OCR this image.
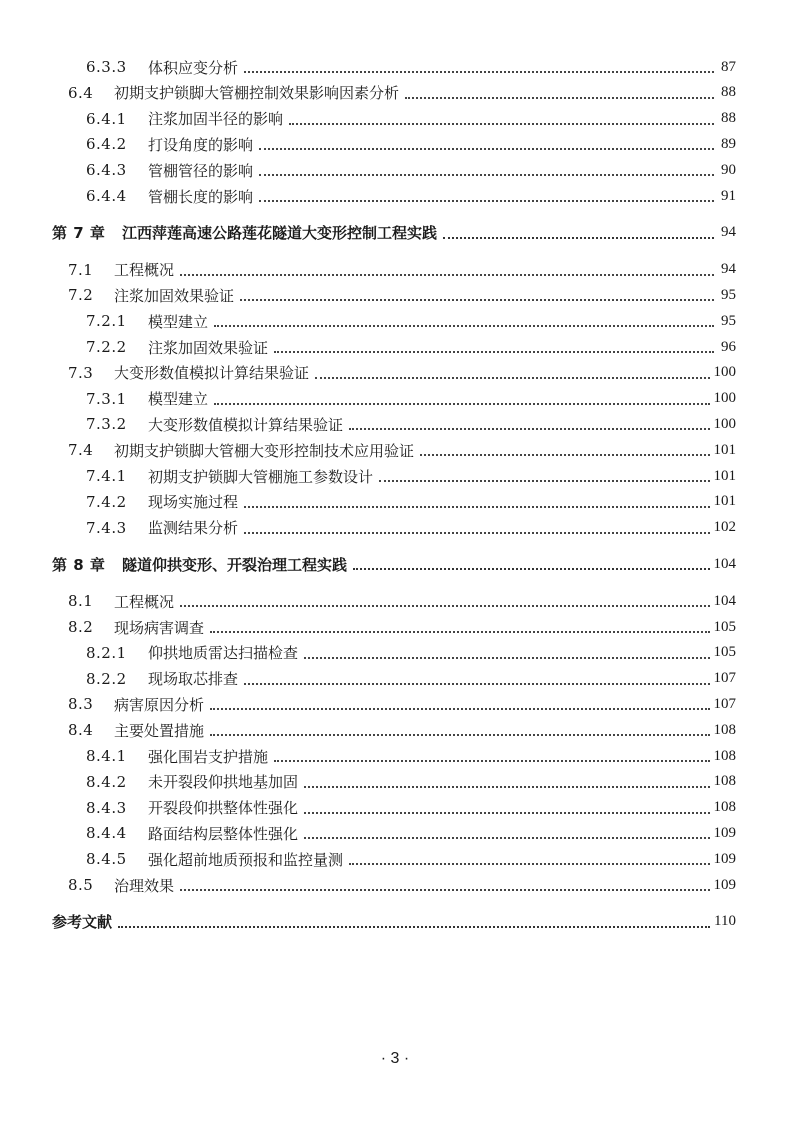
6.3.3	体积应变分析	87
6.4	初期支护锁脚大管棚控制效果影响因素分析	88
6.4.1	注浆加固半径的影响	88
6.4.2	打设角度的影响	89
6.4.3	管棚管径的影响	90
6.4.4	管棚长度的影响	91
第 7 章	江西萍莲高速公路莲花隧道大变形控制工程实践	94
7.1	工程概况	94
7.2	注浆加固效果验证	95
7.2.1	模型建立	95
7.2.2	注浆加固效果验证	96
7.3	大变形数值模拟计算结果验证	100
7.3.1	模型建立	100
7.3.2	大变形数值模拟计算结果验证	100
7.4	初期支护锁脚大管棚大变形控制技术应用验证	101
7.4.1	初期支护锁脚大管棚施工参数设计	101
7.4.2	现场实施过程	101
7.4.3	监测结果分析	102
第 8 章	隧道仰拱变形、开裂治理工程实践	104
8.1	工程概况	104
8.2	现场病害调查	105
8.2.1	仰拱地质雷达扫描检查	105
8.2.2	现场取芯排查	107
8.3	病害原因分析	107
8.4	主要处置措施	108
8.4.1	强化围岩支护措施	108
8.4.2	未开裂段仰拱地基加固	108
8.4.3	开裂段仰拱整体性强化	108
8.4.4	路面结构层整体性强化	109
8.4.5	强化超前地质预报和监控量测	109
8.5	治理效果	109
参考文献	110
· 3 ·
